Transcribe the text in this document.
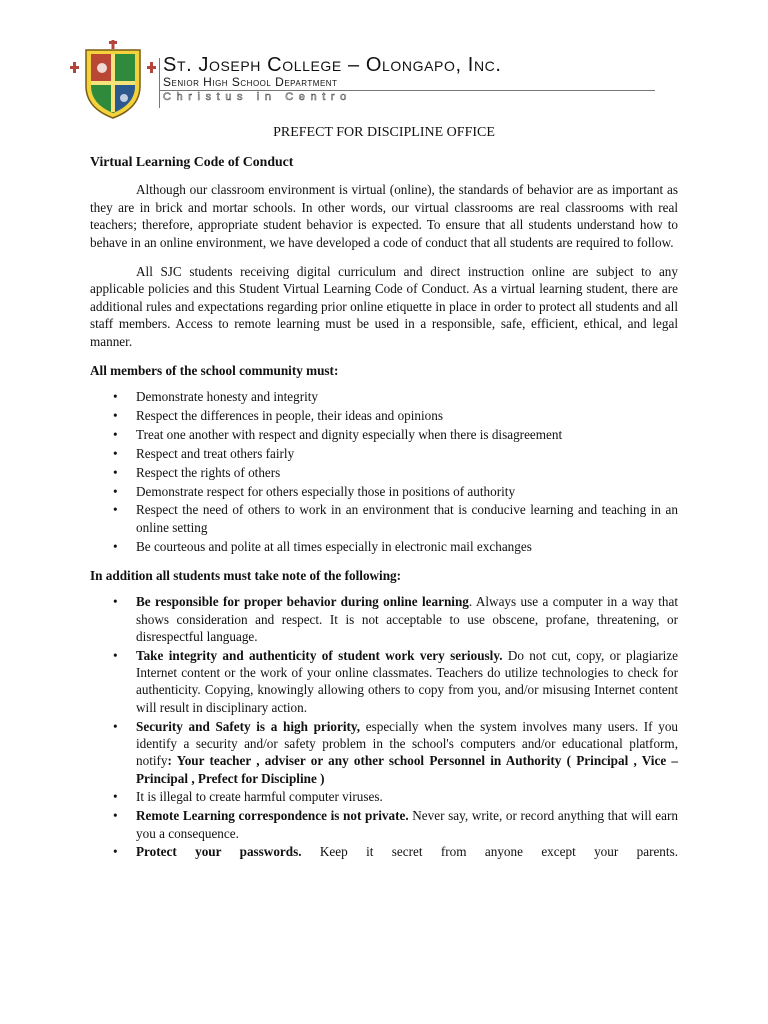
St. Joseph College – Olongapo, Inc.
Senior High School Department
Christus in Centro
PREFECT FOR DISCIPLINE OFFICE
Virtual Learning Code of Conduct

Although our classroom environment is virtual (online), the standards of behavior are as important as they are in brick and mortar schools. In other words, our virtual classrooms are real classrooms with real teachers; therefore, appropriate student behavior is expected. To ensure that all students understand how to behave in an online environment, we have developed a code of conduct that all students are required to follow.

All SJC students receiving digital curriculum and direct instruction online are subject to any applicable policies and this Student Virtual Learning Code of Conduct. As a virtual learning student, there are additional rules and expectations regarding prior online etiquette in place in order to protect all students and all staff members. Access to remote learning must be used in a responsible, safe, efficient, ethical, and legal manner.

All members of the school community must:
• Demonstrate honesty and integrity
• Respect the differences in people, their ideas and opinions
• Treat one another with respect and dignity especially when there is disagreement
• Respect and treat others fairly
• Respect the rights of others
• Demonstrate respect for others especially those in positions of authority
• Respect the need of others to work in an environment that is conducive learning and teaching in an online setting
• Be courteous and polite at all times especially in electronic mail exchanges
In addition all students must take note of the following:
• Be responsible for proper behavior during online learning. Always use a computer in a way that shows consideration and respect. It is not acceptable to use obscene, profane, threatening, or disrespectful language.
• Take integrity and authenticity of student work very seriously. Do not cut, copy, or plagiarize Internet content or the work of your online classmates. Teachers do utilize technologies to check for authenticity. Copying, knowingly allowing others to copy from you, and/or misusing Internet content will result in disciplinary action.
• Security and Safety is a high priority, especially when the system involves many users. If you identify a security and/or safety problem in the school's computers and/or educational platform, notify: Your teacher , adviser or any other school Personnel in Authority ( Principal , Vice – Principal , Prefect for Discipline )
• It is illegal to create harmful computer viruses.
• Remote Learning correspondence is not private. Never say, write, or record anything that will earn you a consequence.
• Protect your passwords. Keep it secret from anyone except your parents.
